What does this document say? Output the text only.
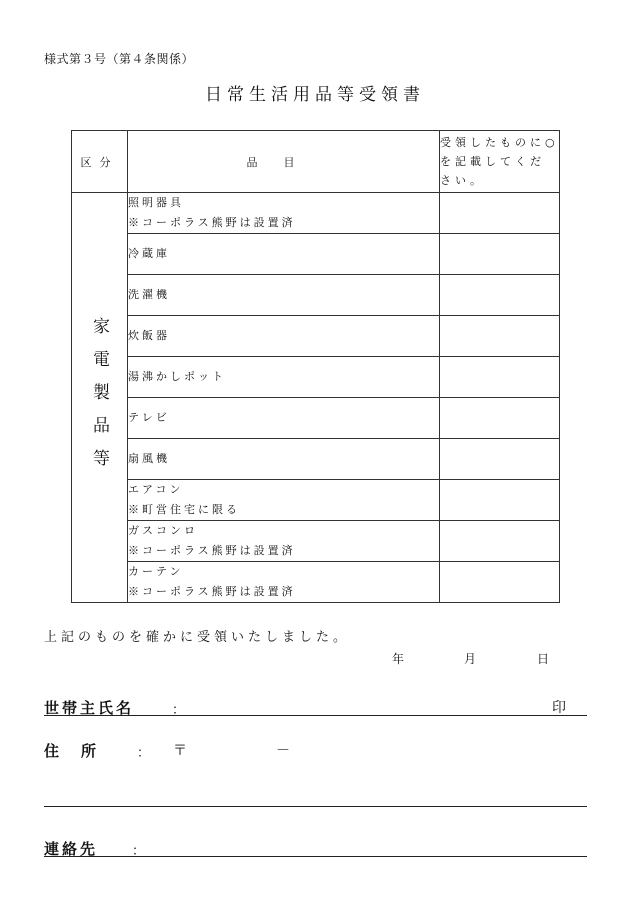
様式第３号（第４条関係）
日常生活用品等受領書
区分	品目	受領したものに○を記載してください。
家電製品等	照明器具
※コーポラス熊野は設置済	

	冷蔵庫	
	洗濯機	
	炊飯器	
	湯沸かしポット	
	テレビ	
	扇風機	
	エアコン
※町営住宅に限る	

	ガスコンロ
※コーポラス熊野は設置済	

	カーテン
※コーポラス熊野は設置済	

上記のものを確かに受領いたしました。
年	月	日
世帯主氏名	：	印
住所 ： 〒	－
連絡先	：
